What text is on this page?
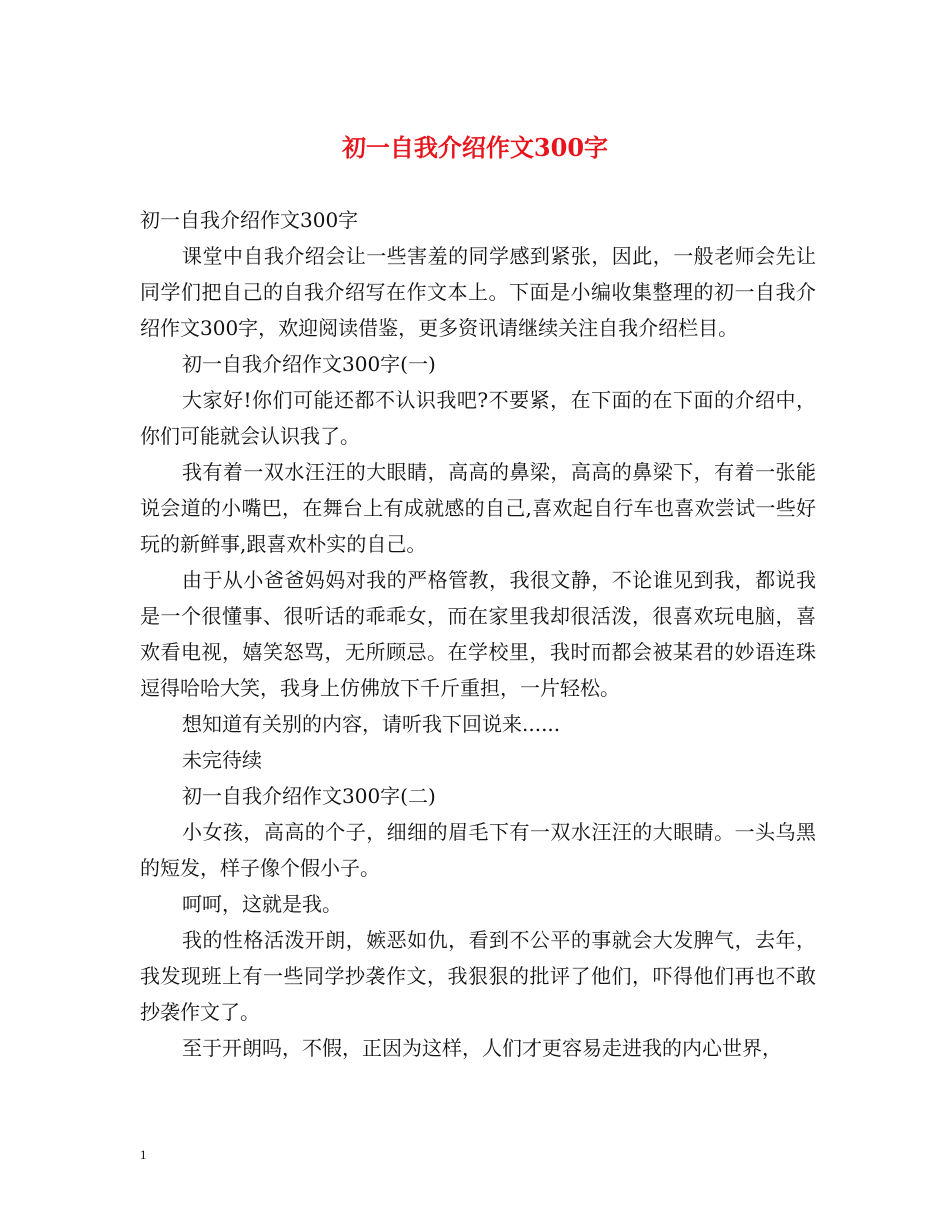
初一自我介绍作文300字

初一自我介绍作文300字

课堂中自我介绍会让一些害羞的同学感到紧张，因此，一般老师会先让同学们把自己的自我介绍写在作文本上。下面是小编收集整理的初一自我介绍作文300字，欢迎阅读借鉴，更多资讯请继续关注自我介绍栏目。

初一自我介绍作文300字(一)

大家好!你们可能还都不认识我吧?不要紧，在下面的在下面的介绍中，你们可能就会认识我了。

我有着一双水汪汪的大眼睛，高高的鼻梁，高高的鼻梁下，有着一张能说会道的小嘴巴，在舞台上有成就感的自己,喜欢起自行车也喜欢尝试一些好玩的新鲜事,跟喜欢朴实的自己。

由于从小爸爸妈妈对我的严格管教，我很文静，不论谁见到我，都说我是一个很懂事、很听话的乖乖女，而在家里我却很活泼，很喜欢玩电脑，喜欢看电视，嬉笑怒骂，无所顾忌。在学校里，我时而都会被某君的妙语连珠逗得哈哈大笑，我身上仿佛放下千斤重担，一片轻松。

想知道有关别的内容，请听我下回说来......

未完待续

初一自我介绍作文300字(二)

小女孩，高高的个子，细细的眉毛下有一双水汪汪的大眼睛。一头乌黑的短发，样子像个假小子。

呵呵，这就是我。

我的性格活泼开朗，嫉恶如仇，看到不公平的事就会大发脾气，去年，我发现班上有一些同学抄袭作文，我狠狠的批评了他们，吓得他们再也不敢抄袭作文了。

至于开朗吗，不假，正因为这样，人们才更容易走进我的内心世界，

1
